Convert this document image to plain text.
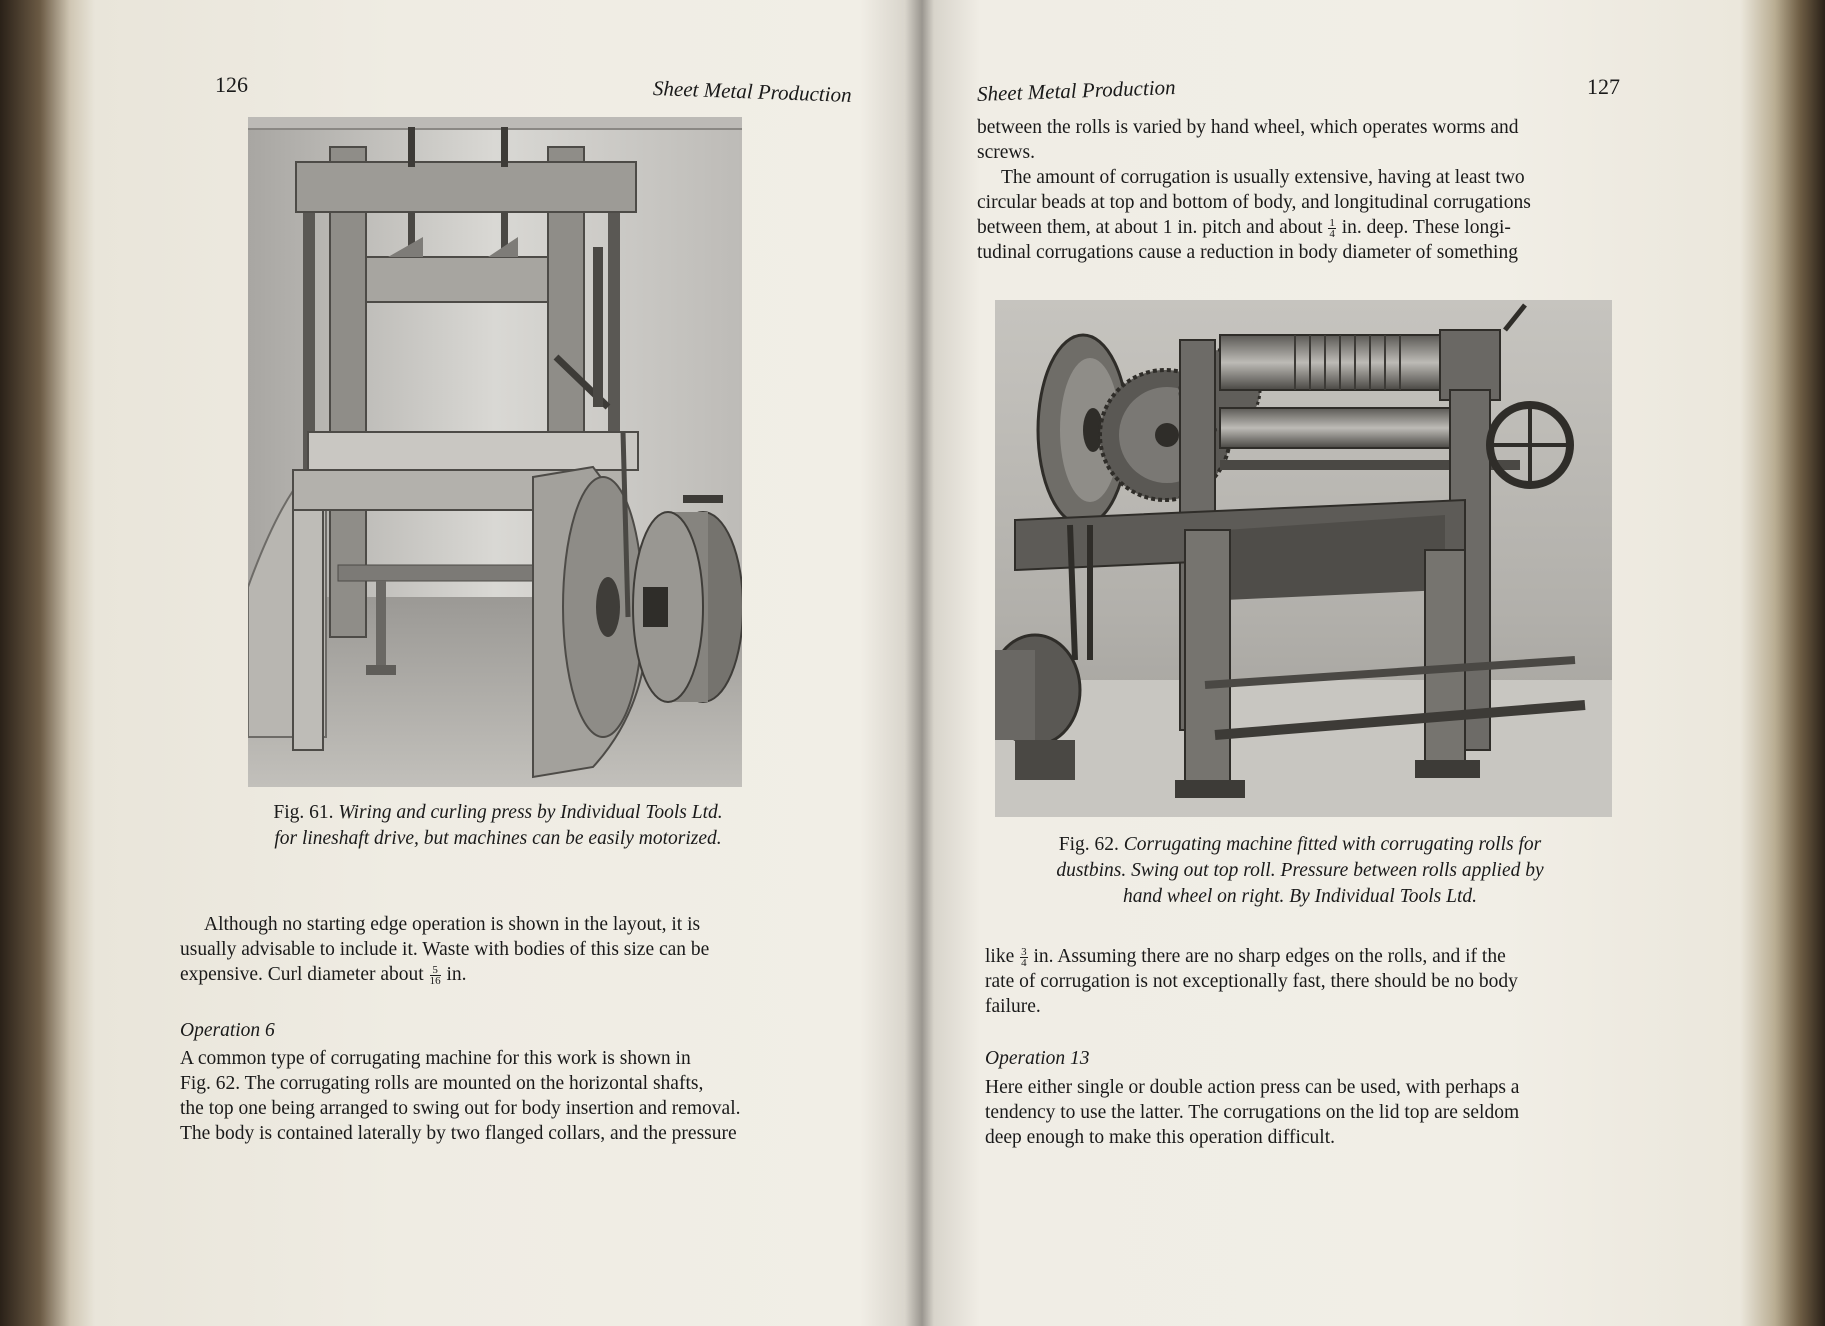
126	Sheet Metal Production
Fig. 61. Wiring and curling press by Individual Tools Ltd.
for lineshaft drive, but machines can be easily motorized.
Although no starting edge operation is shown in the layout, it is
usually advisable to include it. Waste with bodies of this size can be
expensive. Curl diameter about $\frac{5}{16}$ in.
Operation 6
A common type of corrugating machine for this work is shown in
Fig. 62. The corrugating rolls are mounted on the horizontal shafts,
the top one being arranged to swing out for body insertion and removal.
The body is contained laterally by two flanged collars, and the pressure
Sheet Metal Production	127
between the rolls is varied by hand wheel, which operates worms and
screws.
The amount of corrugation is usually extensive, having at least two
circular beads at top and bottom of body, and longitudinal corrugations
between them, at about 1 in. pitch and about $\frac{1}{4}$ in. deep. These longi-
tudinal corrugations cause a reduction in body diameter of something
Fig. 62. Corrugating machine fitted with corrugating rolls for
dustbins. Swing out top roll. Pressure between rolls applied by
hand wheel on right. By Individual Tools Ltd.
like $\frac{3}{4}$ in. Assuming there are no sharp edges on the rolls, and if the
rate of corrugation is not exceptionally fast, there should be no body
failure.
Operation 13
Here either single or double action press can be used, with perhaps a
tendency to use the latter. The corrugations on the lid top are seldom
deep enough to make this operation difficult.
